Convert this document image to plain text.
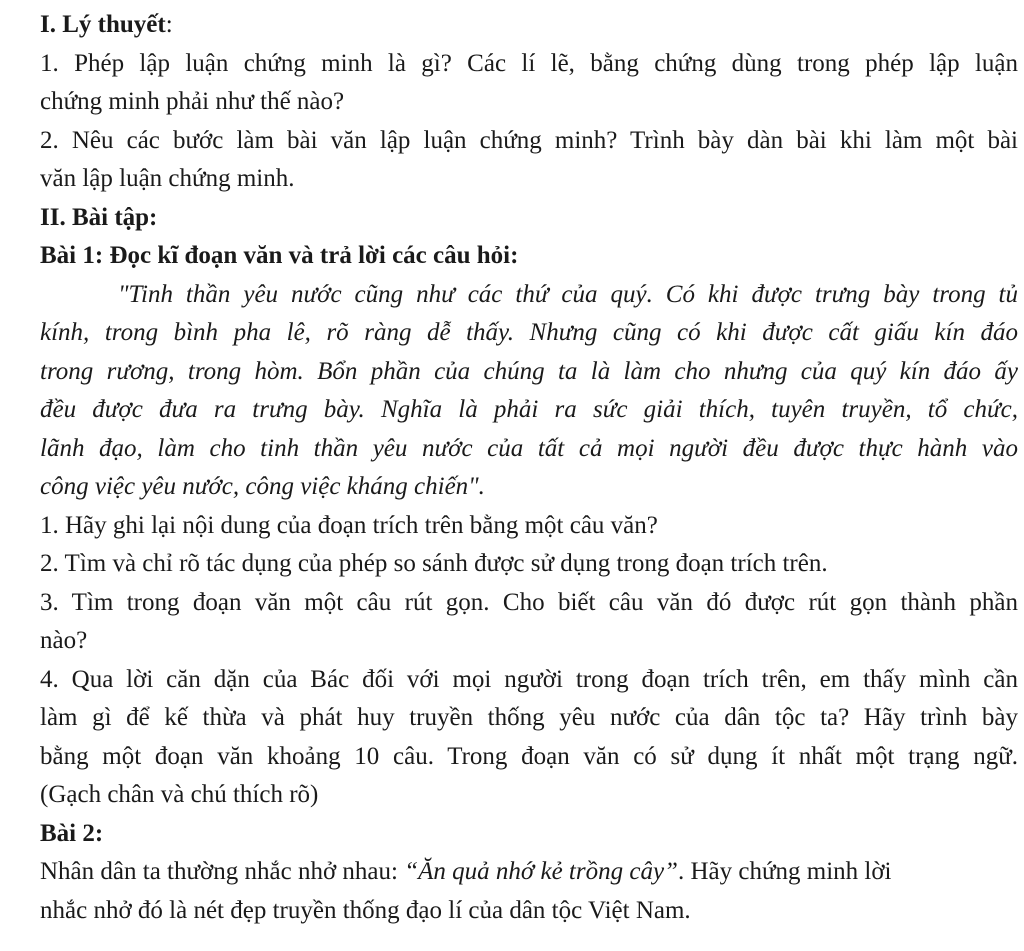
I. Lý thuyết:
1. Phép lập luận chứng minh là gì? Các lí lẽ, bằng chứng dùng trong phép lập luận
chứng minh phải như thế nào?
2. Nêu các bước làm bài văn lập luận chứng minh? Trình bày dàn bài khi làm một bài
văn lập luận chứng minh.
II. Bài tập:
Bài 1: Đọc kĩ đoạn văn và trả lời các câu hỏi:
"Tinh thần yêu nước cũng như các thứ của quý. Có khi được trưng bày trong tủ
kính, trong bình pha lê, rõ ràng dễ thấy. Nhưng cũng có khi được cất giấu kín đáo
trong rương, trong hòm. Bổn phần của chúng ta là làm cho nhưng của quý kín đáo ấy
đều được đưa ra trưng bày. Nghĩa là phải ra sức giải thích, tuyên truyền, tổ chức,
lãnh đạo, làm cho tinh thần yêu nước của tất cả mọi người đều được thực hành vào
công việc yêu nước, công việc kháng chiến".
1. Hãy ghi lại nội dung của đoạn trích trên bằng một câu văn?
2. Tìm và chỉ rõ tác dụng của phép so sánh được sử dụng trong đoạn trích trên.
3. Tìm trong đoạn văn một câu rút gọn. Cho biết câu văn đó được rút gọn thành phần
nào?
4. Qua lời căn dặn của Bác đối với mọi người trong đoạn trích trên, em thấy mình cần
làm gì để kế thừa và phát huy truyền thống yêu nước của dân tộc ta? Hãy trình bày
bằng một đoạn văn khoảng 10 câu. Trong đoạn văn có sử dụng ít nhất một trạng ngữ.
(Gạch chân và chú thích rõ)
Bài 2:
Nhân dân ta thường nhắc nhở nhau: “Ăn quả nhớ kẻ trồng cây”. Hãy chứng minh lời
nhắc nhở đó là nét đẹp truyền thống đạo lí của dân tộc Việt Nam.
